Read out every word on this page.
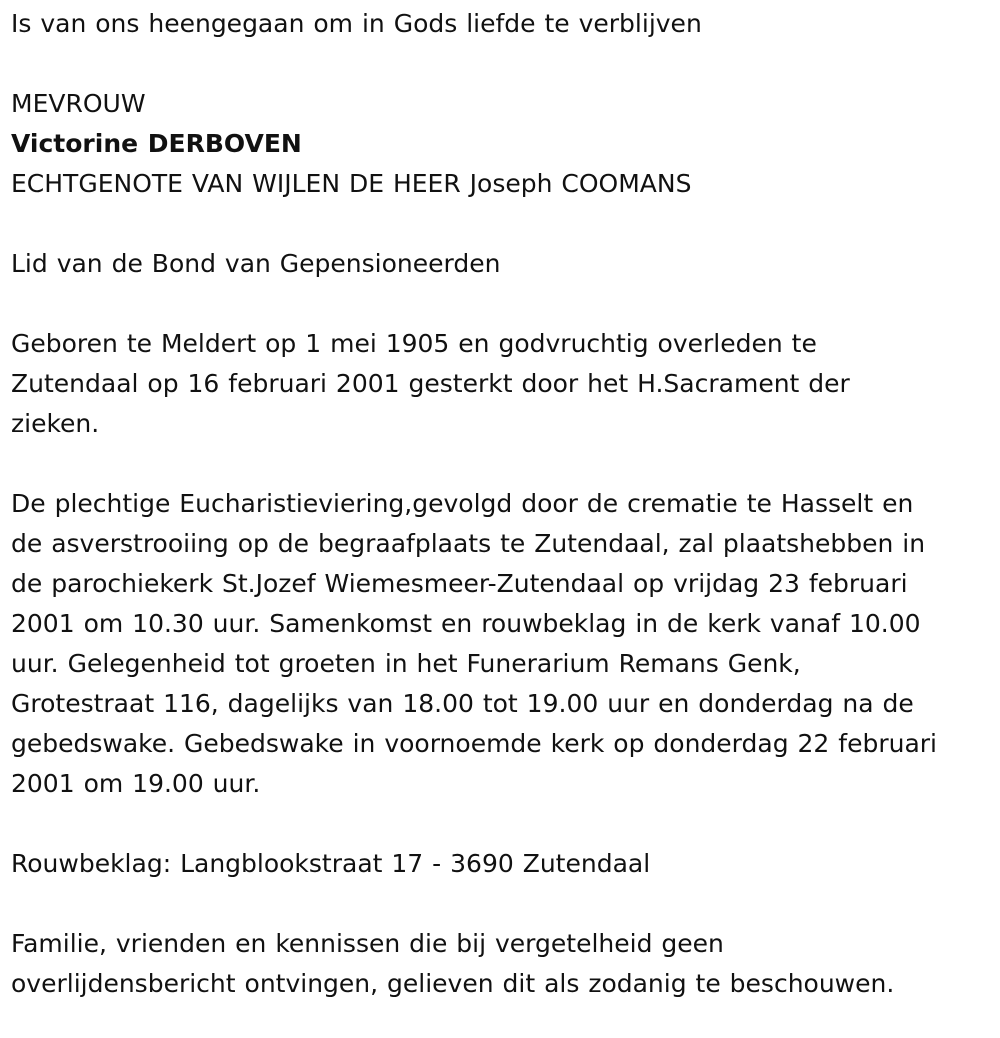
Is van ons heengegaan om in Gods liefde te verblijven

MEVROUW

Victorine DERBOVEN

ECHTGENOTE VAN WIJLEN DE HEER Joseph COOMANS

Lid van de Bond van Gepensioneerden

Geboren te Meldert op 1 mei 1905 en godvruchtig overleden te
Zutendaal op 16 februari 2001 gesterkt door het H.Sacrament der
zieken.
De plechtige Eucharistieviering,gevolgd door de crematie te Hasselt en
de asverstrooiing op de begraafplaats te Zutendaal, zal plaatshebben in
de parochiekerk St.Jozef Wiemesmeer-Zutendaal op vrijdag 23 februari
2001 om 10.30 uur. Samenkomst en rouwbeklag in de kerk vanaf 10.00
uur. Gelegenheid tot groeten in het Funerarium Remans Genk,
Grotestraat 116, dagelijks van 18.00 tot 19.00 uur en donderdag na de
gebedswake. Gebedswake in voornoemde kerk op donderdag 22 februari
2001 om 19.00 uur.

Rouwbeklag: Langblookstraat 17 - 3690 Zutendaal

Familie, vrienden en kennissen die bij vergetelheid geen
overlijdensbericht ontvingen, gelieven dit als zodanig te beschouwen.
